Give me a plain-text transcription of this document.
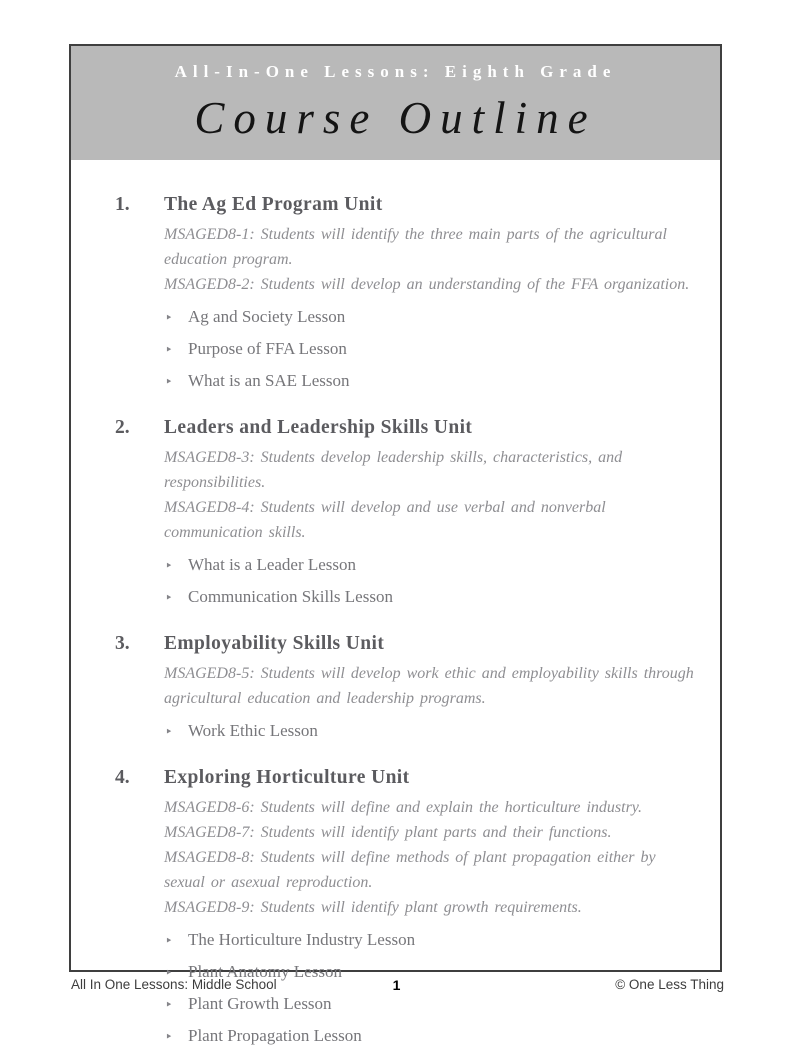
All-In-One Lessons: Eighth Grade
Course Outline
1.	The Ag Ed Program Unit

MSAGED8-1: Students will identify the three main parts of the agricultural education program.

MSAGED8-2: Students will develop an understanding of the FFA organization.

‣ Ag and Society Lesson
‣ Purpose of FFA Lesson
‣ What is an SAE Lesson
2.	Leaders and Leadership Skills Unit

MSAGED8-3: Students develop leadership skills, characteristics, and responsibilities.

MSAGED8-4: Students will develop and use verbal and nonverbal communication skills.

‣ What is a Leader Lesson
‣ Communication Skills Lesson
3.	Employability Skills Unit

MSAGED8-5: Students will develop work ethic and employability skills through agricultural education and leadership programs.

‣ Work Ethic Lesson
4.	Exploring Horticulture Unit

MSAGED8-6: Students will define and explain the horticulture industry.

MSAGED8-7: Students will identify plant parts and their functions.

MSAGED8-8: Students will define methods of plant propagation either by sexual or asexual reproduction.

MSAGED8-9: Students will identify plant growth requirements.

‣ The Horticulture Industry Lesson
‣ Plant Anatomy Lesson
‣ Plant Growth Lesson
‣ Plant Propagation Lesson
All In One Lessons: Middle School	1	© One Less Thing
